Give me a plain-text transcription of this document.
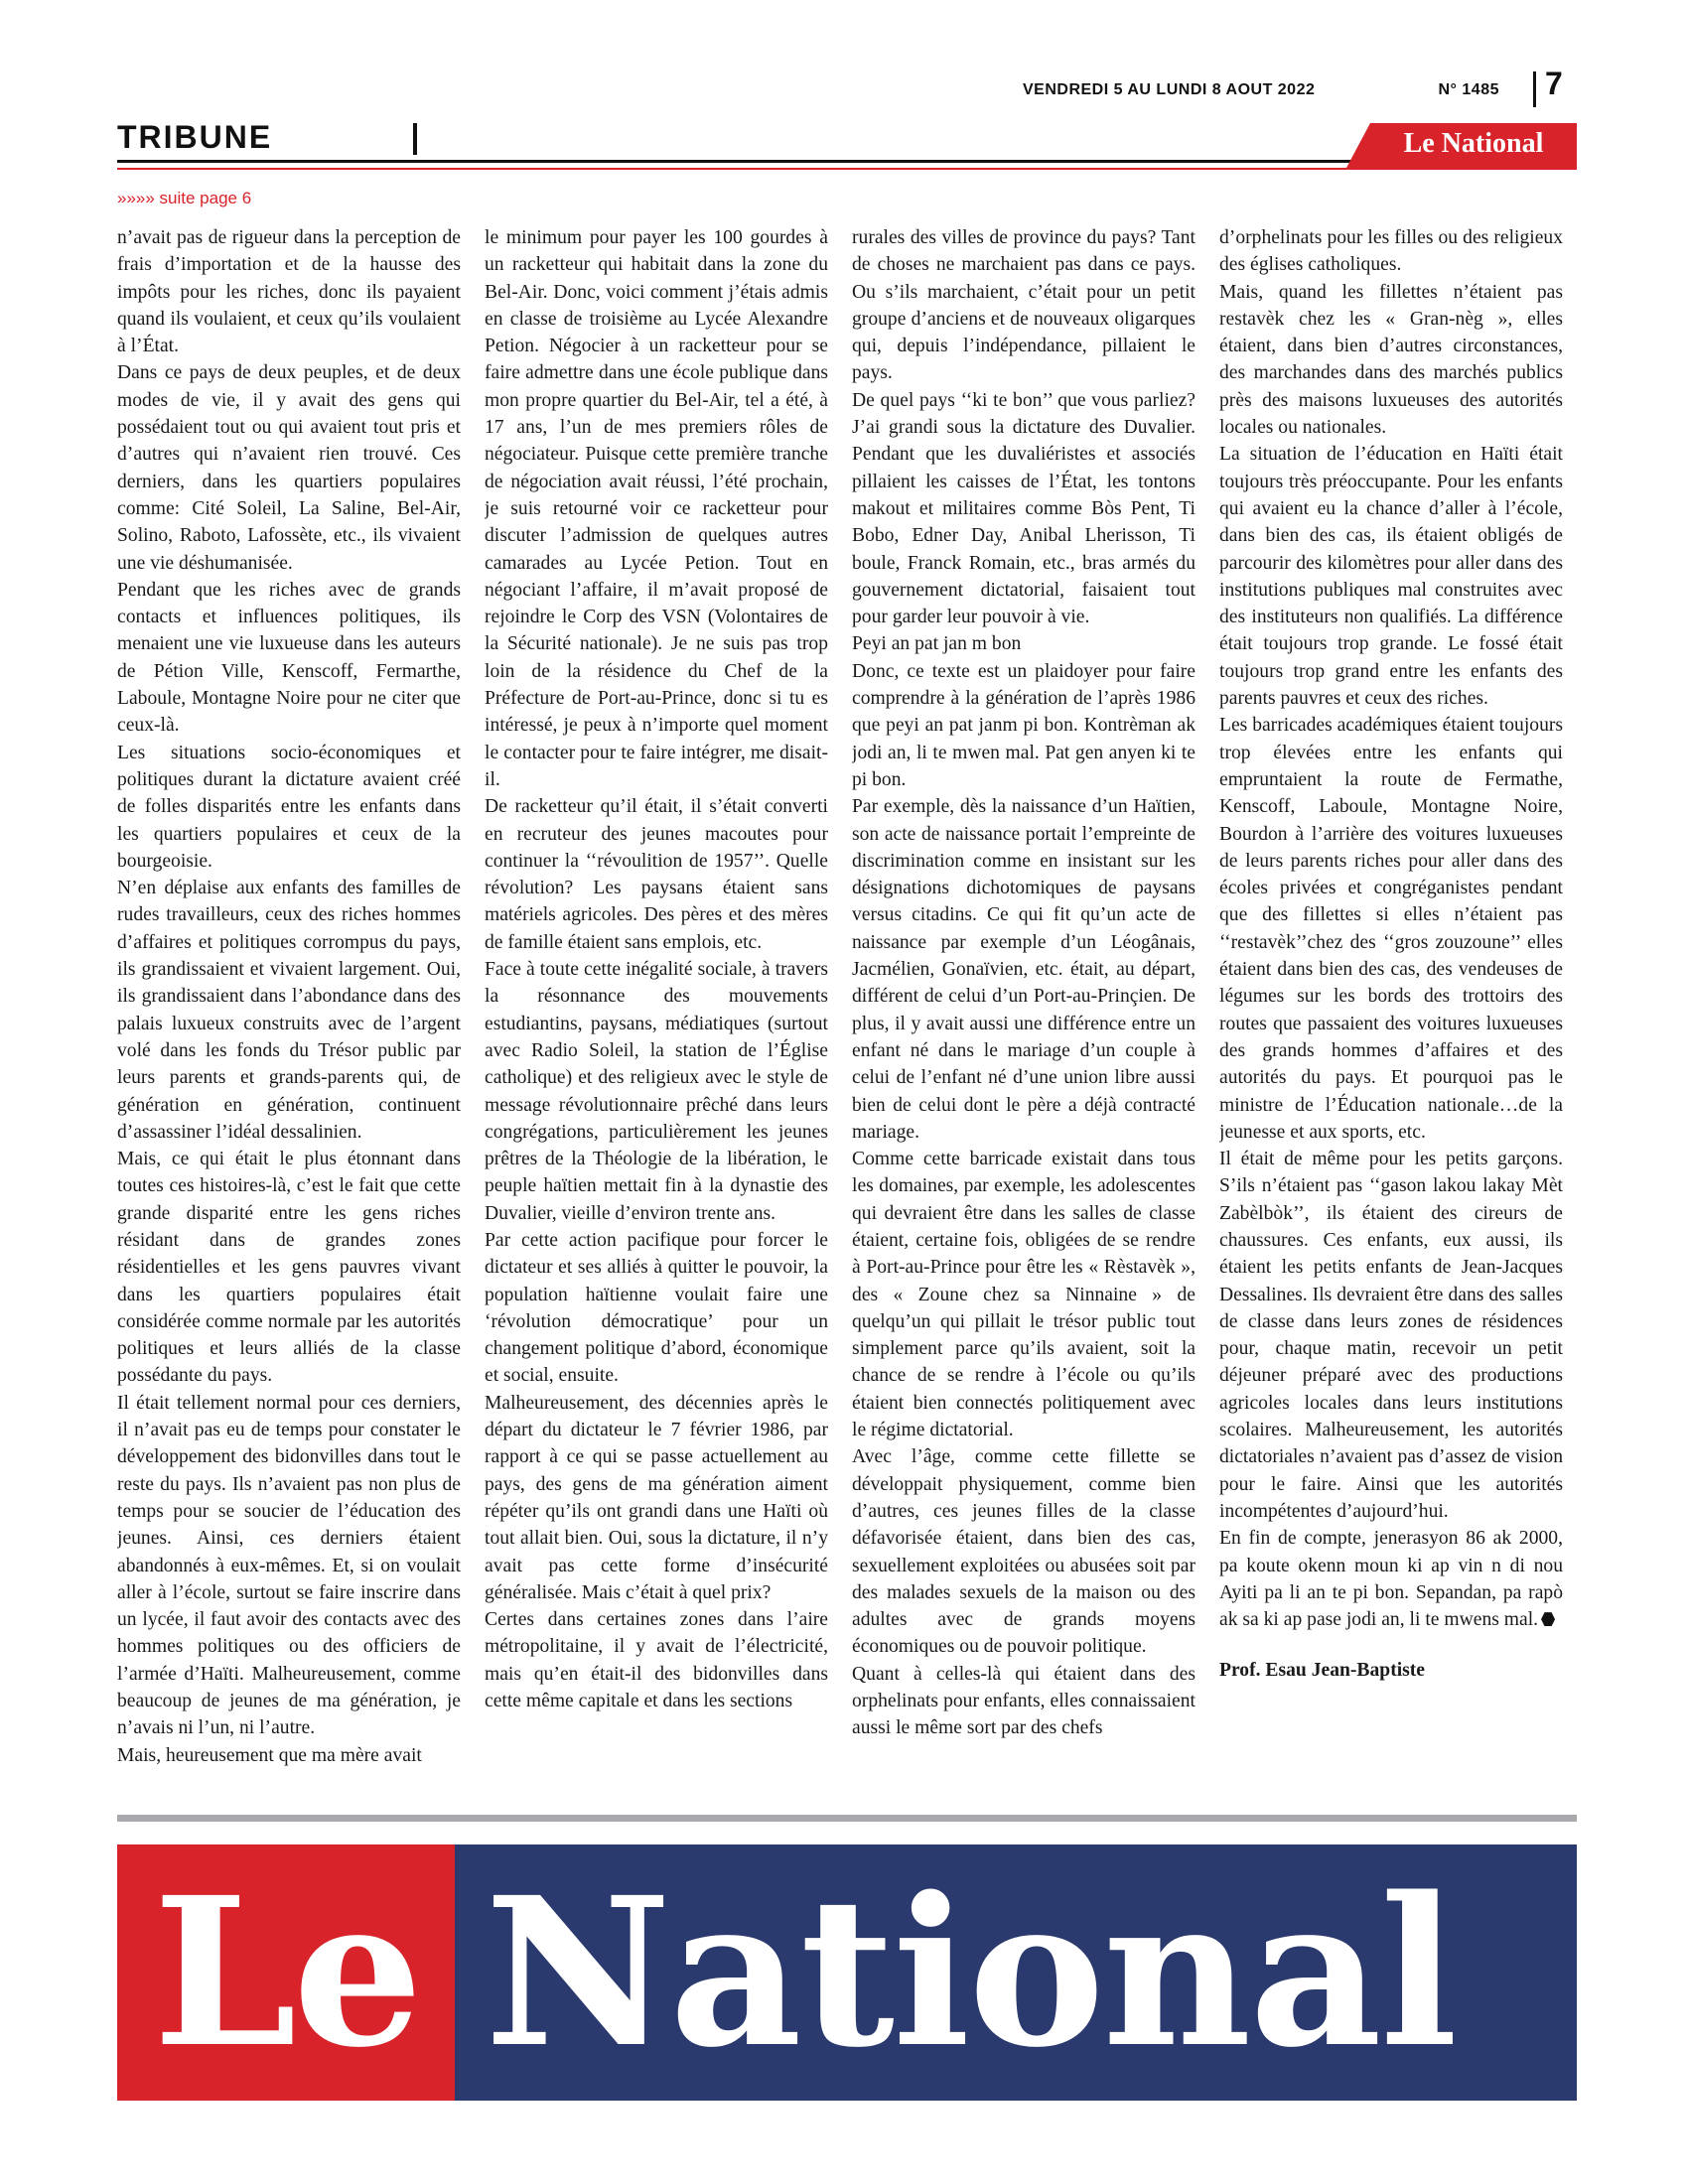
VENDREDI 5 AU LUNDI 8 AOUT 2022	N° 1485 7
TRIBUNE	Le National
»»»» suite page 6

n’avait pas de rigueur dans la perception de frais d’importation et de la hausse des impôts pour les riches, donc ils payaient quand ils voulaient, et ceux qu’ils voulaient à l’État.

Dans ce pays de deux peuples, et de deux modes de vie, il y avait des gens qui possédaient tout ou qui avaient tout pris et d’autres qui n’avaient rien trouvé. Ces derniers, dans les quartiers populaires comme: Cité Soleil, La Saline, Bel-Air, Solino, Raboto, Lafossète, etc., ils vivaient une vie déshumanisée.

Pendant que les riches avec de grands contacts et influences politiques, ils menaient une vie luxueuse dans les auteurs de Pétion Ville, Kenscoff, Fermarthe, Laboule, Montagne Noire pour ne citer que ceux-là.

Les situations socio-économiques et politiques durant la dictature avaient créé de folles disparités entre les enfants dans les quartiers populaires et ceux de la bourgeoisie.

N’en déplaise aux enfants des familles de rudes travailleurs, ceux des riches hommes d’affaires et politiques corrompus du pays, ils grandissaient et vivaient largement. Oui, ils grandissaient dans l’abondance dans des palais luxueux construits avec de l’argent volé dans les fonds du Trésor public par leurs parents et grands-parents qui, de génération en génération, continuent d’assassiner l’idéal dessalinien.

Mais, ce qui était le plus étonnant dans toutes ces histoires-là, c’est le fait que cette grande disparité entre les gens riches résidant dans de grandes zones résidentielles et les gens pauvres vivant dans les quartiers populaires était considérée comme normale par les autorités politiques et leurs alliés de la classe possédante du pays.

Il était tellement normal pour ces derniers, il n’avait pas eu de temps pour constater le développement des bidonvilles dans tout le reste du pays. Ils n’avaient pas non plus de temps pour se soucier de l’éducation des jeunes. Ainsi, ces derniers étaient abandonnés à eux-mêmes. Et, si on voulait aller à l’école, surtout se faire inscrire dans un lycée, il faut avoir des contacts avec des hommes politiques ou des officiers de l’armée d’Haïti. Malheureusement, comme beaucoup de jeunes de ma génération, je n’avais ni l’un, ni l’autre.

Mais, heureusement que ma mère avait

le minimum pour payer les 100 gourdes à un racketteur qui habitait dans la zone du Bel-Air. Donc, voici comment j’étais admis en classe de troisième au Lycée Alexandre Petion. Négocier à un racketteur pour se faire admettre dans une école publique dans mon propre quartier du Bel-Air, tel a été, à 17 ans, l’un de mes premiers rôles de négociateur. Puisque cette première tranche de négociation avait réussi, l’été prochain, je suis retourné voir ce racketteur pour discuter l’admission de quelques autres camarades au Lycée Petion. Tout en négociant l’affaire, il m’avait proposé de rejoindre le Corp des VSN (Volontaires de la Sécurité nationale). Je ne suis pas trop loin de la résidence du Chef de la Préfecture de Port-au-Prince, donc si tu es intéressé, je peux à n’importe quel moment le contacter pour te faire intégrer, me disait-il.

De racketteur qu’il était, il s’était converti en recruteur des jeunes macoutes pour continuer la ‘‘révoulition de 1957’’. Quelle révolution? Les paysans étaient sans matériels agricoles. Des pères et des mères de famille étaient sans emplois, etc.

Face à toute cette inégalité sociale, à travers la résonnance des mouvements estudiantins, paysans, médiatiques (surtout avec Radio Soleil, la station de l’Église catholique) et des religieux avec le style de message révolutionnaire prêché dans leurs congrégations, particulièrement les jeunes prêtres de la Théologie de la libération, le peuple haïtien mettait fin à la dynastie des Duvalier, vieille d’environ trente ans.

Par cette action pacifique pour forcer le dictateur et ses alliés à quitter le pouvoir, la population haïtienne voulait faire une ‘révolution démocratique’ pour un changement politique d’abord, économique et social, ensuite.

Malheureusement, des décennies après le départ du dictateur le 7 février 1986, par rapport à ce qui se passe actuellement au pays, des gens de ma génération aiment répéter qu’ils ont grandi dans une Haïti où tout allait bien. Oui, sous la dictature, il n’y avait pas cette forme d’insécurité généralisée. Mais c’était à quel prix?

Certes dans certaines zones dans l’aire métropolitaine, il y avait de l’électricité, mais qu’en était-il des bidonvilles dans cette même capitale et dans les sections

rurales des villes de province du pays? Tant de choses ne marchaient pas dans ce pays. Ou s’ils marchaient, c’était pour un petit groupe d’anciens et de nouveaux oligarques qui, depuis l’indépendance, pillaient le pays.

De quel pays ‘‘ki te bon’’ que vous parliez? J’ai grandi sous la dictature des Duvalier. Pendant que les duvaliéristes et associés pillaient les caisses de l’État, les tontons makout et militaires comme Bòs Pent, Ti Bobo, Edner Day, Anibal Lherisson, Ti boule, Franck Romain, etc., bras armés du gouvernement dictatorial, faisaient tout pour garder leur pouvoir à vie.

Peyi an pat jan m bon

Donc, ce texte est un plaidoyer pour faire comprendre à la génération de l’après 1986 que peyi an pat janm pi bon. Kontrèman ak jodi an, li te mwen mal. Pat gen anyen ki te pi bon.

Par exemple, dès la naissance d’un Haïtien, son acte de naissance portait l’empreinte de discrimination comme en insistant sur les désignations dichotomiques de paysans versus citadins. Ce qui fit qu’un acte de naissance par exemple d’un Léogânais, Jacmélien, Gonaïvien, etc. était, au départ, différent de celui d’un Port-au-Prinçien. De plus, il y avait aussi une différence entre un enfant né dans le mariage d’un couple à celui de l’enfant né d’une union libre aussi bien de celui dont le père a déjà contracté mariage.

Comme cette barricade existait dans tous les domaines, par exemple, les adolescentes qui devraient être dans les salles de classe étaient, certaine fois, obligées de se rendre à Port-au-Prince pour être les « Rèstavèk », des « Zoune chez sa Ninnaine » de quelqu’un qui pillait le trésor public tout simplement parce qu’ils avaient, soit la chance de se rendre à l’école ou qu’ils étaient bien connectés politiquement avec le régime dictatorial.

Avec l’âge, comme cette fillette se développait physiquement, comme bien d’autres, ces jeunes filles de la classe défavorisée étaient, dans bien des cas, sexuellement exploitées ou abusées soit par des malades sexuels de la maison ou des adultes avec de grands moyens économiques ou de pouvoir politique.

Quant à celles-là qui étaient dans des orphelinats pour enfants, elles connaissaient aussi le même sort par des chefs

d’orphelinats pour les filles ou des religieux des églises catholiques.

Mais, quand les fillettes n’étaient pas restavèk chez les « Gran-nèg », elles étaient, dans bien d’autres circonstances, des marchandes dans des marchés publics près des maisons luxueuses des autorités locales ou nationales.

La situation de l’éducation en Haïti était toujours très préoccupante. Pour les enfants qui avaient eu la chance d’aller à l’école, dans bien des cas, ils étaient obligés de parcourir des kilomètres pour aller dans des institutions publiques mal construites avec des instituteurs non qualifiés. La différence était toujours trop grande. Le fossé était toujours trop grand entre les enfants des parents pauvres et ceux des riches.

Les barricades académiques étaient toujours trop élevées entre les enfants qui empruntaient la route de Fermathe, Kenscoff, Laboule, Montagne Noire, Bourdon à l’arrière des voitures luxueuses de leurs parents riches pour aller dans des écoles privées et congréganistes pendant que des fillettes si elles n’étaient pas ‘‘restavèk’’chez des ‘‘gros zouzoune’’ elles étaient dans bien des cas, des vendeuses de légumes sur les bords des trottoirs des routes que passaient des voitures luxueuses des grands hommes d’affaires et des autorités du pays. Et pourquoi pas le ministre de l’Éducation nationale…de la jeunesse et aux sports, etc.

Il était de même pour les petits garçons. S’ils n’étaient pas ‘‘gason lakou lakay Mèt Zabèlbòk’’, ils étaient des cireurs de chaussures. Ces enfants, eux aussi, ils étaient les petits enfants de Jean-Jacques Dessalines. Ils devraient être dans des salles de classe dans leurs zones de résidences pour, chaque matin, recevoir un petit déjeuner préparé avec des productions agricoles locales dans leurs institutions scolaires. Malheureusement, les autorités dictatoriales n’avaient pas d’assez de vision pour le faire. Ainsi que les autorités incompétentes d’aujourd’hui.

En fin de compte, jenerasyon 86 ak 2000, pa koute okenn moun ki ap vin n di nou Ayiti pa li an te pi bon. Sepandan, pa rapò ak sa ki ap pase jodi an, li te mwens mal.

Prof. Esau Jean-Baptiste

Le National
